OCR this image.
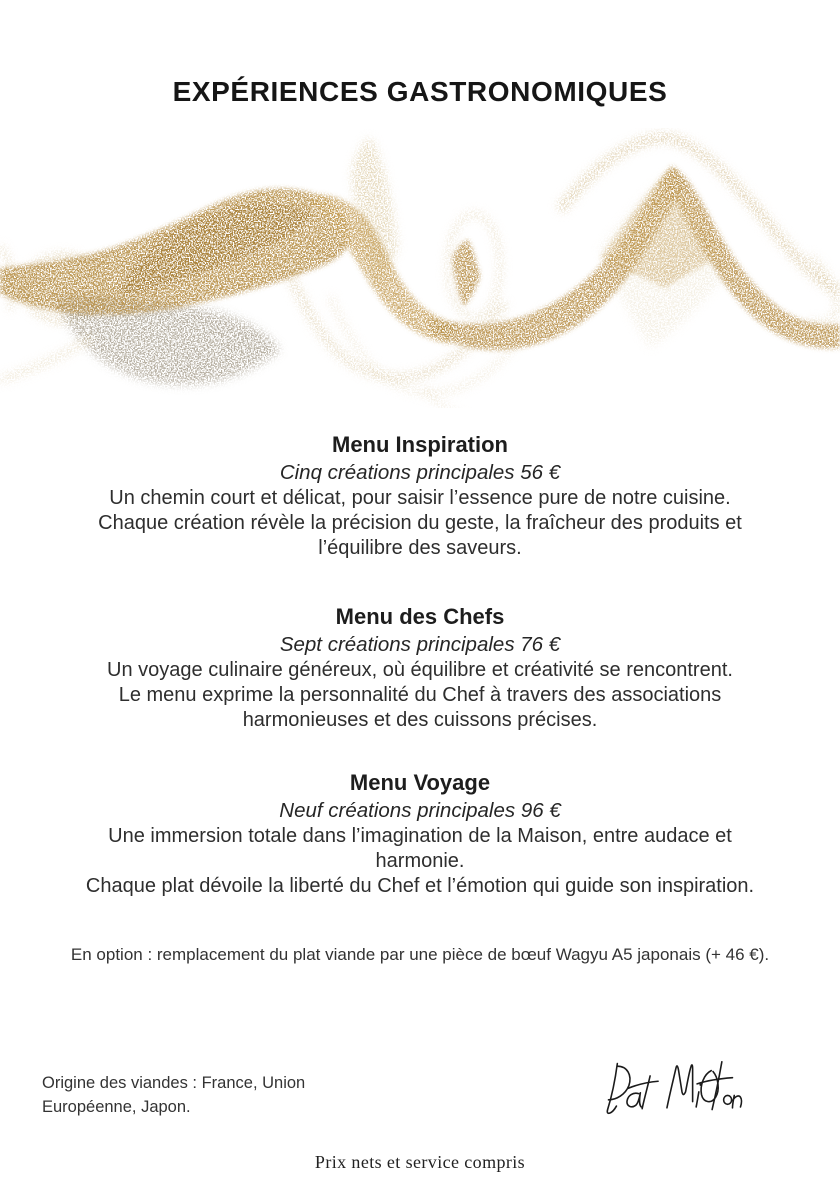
EXPÉRIENCES GASTRONOMIQUES
Menu Inspiration
Cinq créations principales 56 €
Un chemin court et délicat, pour saisir l’essence pure de notre cuisine.
Chaque création révèle la précision du geste, la fraîcheur des produits et
l’équilibre des saveurs.
Menu des Chefs
Sept créations principales 76 €
Un voyage culinaire généreux, où équilibre et créativité se rencontrent.
Le menu exprime la personnalité du Chef à travers des associations
harmonieuses et des cuissons précises.
Menu Voyage
Neuf créations principales 96 €
Une immersion totale dans l’imagination de la Maison, entre audace et
harmonie.
Chaque plat dévoile la liberté du Chef et l’émotion qui guide son inspiration.
En option : remplacement du plat viande par une pièce de bœuf Wagyu A5 japonais (+ 46 €).
Origine des viandes : France, Union
Européenne, Japon.
Prix nets et service compris
